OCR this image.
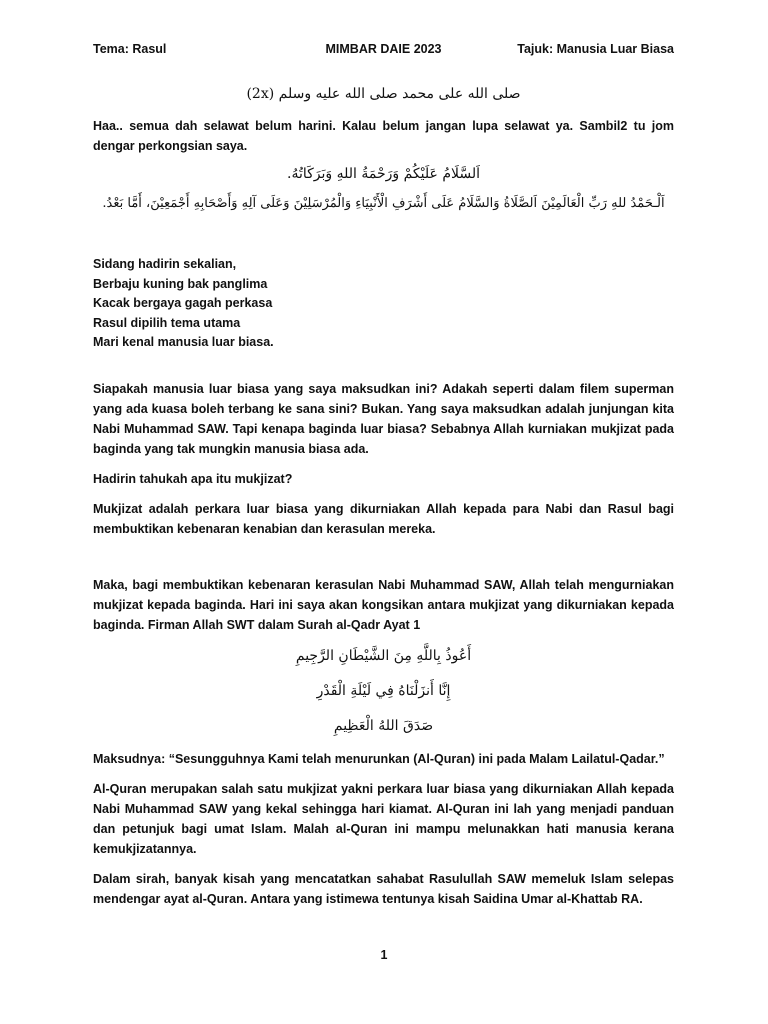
Tema: Rasul	MIMBAR DAIE 2023	Tajuk: Manusia Luar Biasa
صلى الله على محمد صلى الله عليه وسلم (2x)

Haa.. semua dah selawat belum harini. Kalau belum jangan lupa selawat ya. Sambil2 tu jom dengar perkongsian saya.

اَلسَّلَامُ عَلَيْكُمْ وَرَحْمَةُ اللهِ وَبَرَكَاتُهُ.
اَلْـحَمْدُ للهِ رَبِّ الْعَالَمِيْنَ اَلصَّلَاةُ وَالسَّلَامُ عَلَى أَشْرَفِ الْأَنْبِيَاءِ وَالْمُرْسَلِيْنَ وَعَلَى آلِهِ وَأَصْحَابِهِ أَجْمَعِيْنَ، أَمَّا بَعْدُ.
Sidang hadirin sekalian,
Berbaju kuning bak panglima
Kacak bergaya gagah perkasa
Rasul dipilih tema utama
Mari kenal manusia luar biasa.

Siapakah manusia luar biasa yang saya maksudkan ini? Adakah seperti dalam filem superman yang ada kuasa boleh terbang ke sana sini? Bukan. Yang saya maksudkan adalah junjungan kita Nabi Muhammad SAW. Tapi kenapa baginda luar biasa? Sebabnya Allah kurniakan mukjizat pada baginda yang tak mungkin manusia biasa ada.

Hadirin tahukah apa itu mukjizat?

Mukjizat adalah perkara luar biasa yang dikurniakan Allah kepada para Nabi dan Rasul bagi membuktikan kebenaran kenabian dan kerasulan mereka.

Maka, bagi membuktikan kebenaran kerasulan Nabi Muhammad SAW, Allah telah mengurniakan mukjizat kepada baginda. Hari ini saya akan kongsikan antara mukjizat yang dikurniakan kepada baginda. Firman Allah SWT dalam Surah al-Qadr Ayat 1

أَعُوذُ بِاللَّهِ مِنَ الشَّيْطَانِ الرَّجِيمِ
إِنَّا أَنزَلْنَاهُ فِي لَيْلَةِ الْقَدْرِ
صَدَقَ اللهُ الْعَظِيمِ

Maksudnya: “Sesungguhnya Kami telah menurunkan (Al-Quran) ini pada Malam Lailatul-Qadar.”

Al-Quran merupakan salah satu mukjizat yakni perkara luar biasa yang dikurniakan Allah kepada Nabi Muhammad SAW yang kekal sehingga hari kiamat. Al-Quran ini lah yang menjadi panduan dan petunjuk bagi umat Islam. Malah al-Quran ini mampu melunakkan hati manusia kerana kemukjizatannya.

Dalam sirah, banyak kisah yang mencatatkan sahabat Rasulullah SAW memeluk Islam selepas mendengar ayat al-Quran. Antara yang istimewa tentunya kisah Saidina Umar al-Khattab RA.

1
